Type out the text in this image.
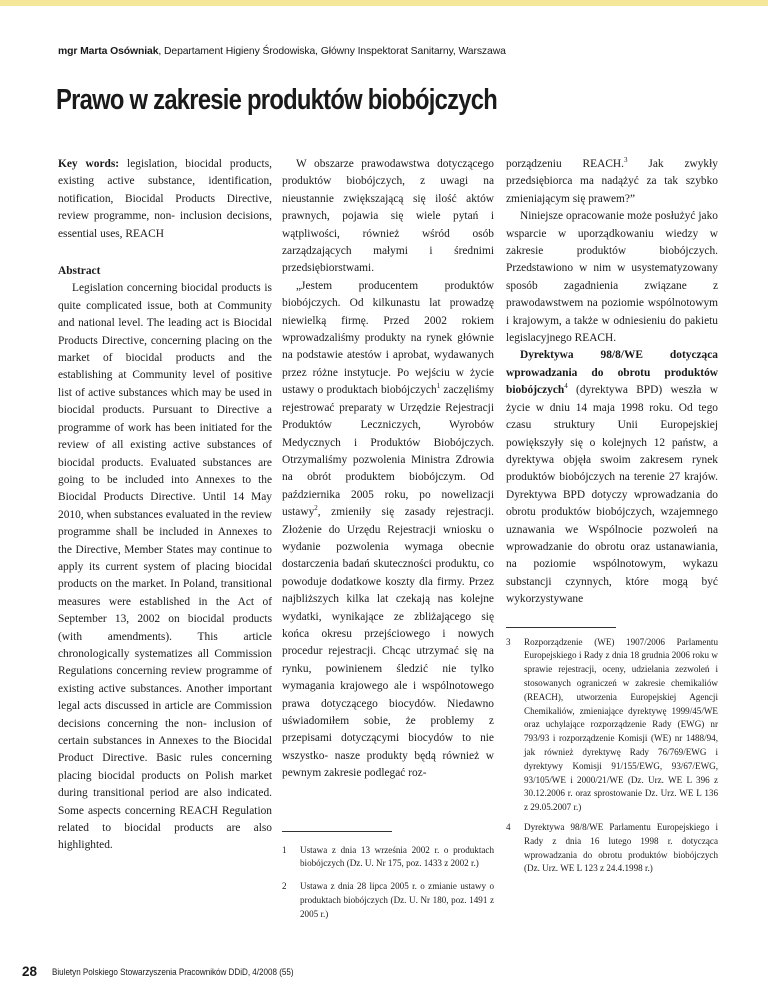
mgr Marta Osówniak, Departament Higieny Środowiska, Główny Inspektorat Sanitarny, Warszawa
Prawo w zakresie produktów biobójczych

Key words: legislation, biocidal products, existing active substance, identification, notification, Biocidal Products Directive, review programme, non- inclusion decisions, essential uses, REACH

Abstract

Legislation concerning biocidal products is quite complicated issue, both at Community and national level. The leading act is Biocidal Products Directive, concerning placing on the market of biocidal products and the establishing at Community level of positive list of active substances which may be used in biocidal products. Pursuant to Directive a programme of work has been initiated for the review of all existing active substances of biocidal products. Evaluated substances are going to be included into Annexes to the Biocidal Products Directive. Until 14 May 2010, when substances evaluated in the review programme shall be included in Annexes to the Directive, Member States may continue to apply its current system of placing biocidal products on the market. In Poland, transitional measures were established in the Act of September 13, 2002 on biocidal products (with amendments). This article chronologically systematizes all Commission Regulations concerning review programme of existing active substances. Another important legal acts discussed in article are Commission decisions concerning the non- inclusion of certain substances in Annexes to the Biocidal Product Directive. Basic rules concerning placing biocidal products on Polish market during transitional period are also indicated. Some aspects concerning REACH Regulation related to biocidal products are also highlighted.

W obszarze prawodawstwa dotyczącego produktów biobójczych, z uwagi na nieustannie zwiększającą się ilość aktów prawnych, pojawia się wiele pytań i wątpliwości, również wśród osób zarządzających małymi i średnimi przedsiębiorstwami.

„Jestem producentem produktów biobójczych. Od kilkunastu lat prowadzę niewielką firmę. Przed 2002 rokiem wprowadzaliśmy produkty na rynek głównie na podstawie atestów i aprobat, wydawanych przez różne instytucje. Po wejściu w życie ustawy o produktach biobójczych$^1$ zaczęliśmy rejestrować preparaty w Urzędzie Rejestracji Produktów Leczniczych, Wyrobów Medycznych i Produktów Biobójczych. Otrzymaliśmy pozwolenia Ministra Zdrowia na obrót produktem biobójczym. Od października 2005 roku, po nowelizacji ustawy$^2$, zmieniły się zasady rejestracji. Złożenie do Urzędu Rejestracji wniosku o wydanie pozwolenia wymaga obecnie dostarczenia badań skuteczności produktu, co powoduje dodatkowe koszty dla firmy. Przez najbliższych kilka lat czekają nas kolejne wydatki, wynikające ze zbliżającego się końca okresu przejściowego i nowych procedur rejestracji. Chcąc utrzymać się na rynku, powinienem śledzić nie tylko wymagania krajowego ale i wspólnotowego prawa dotyczącego biocydów. Niedawno uświadomiłem sobie, że problemy z przepisami dotyczącymi biocydów to nie wszystko- nasze produkty będą również w pewnym zakresie podlegać roz-

1	Ustawa z dnia 13 września 2002 r. o produktach biobójczych (Dz. U. Nr 175, poz. 1433 z 2002 r.)
2	Ustawa z dnia 28 lipca 2005 r. o zmianie ustawy o produktach biobójczych (Dz. U. Nr 180, poz. 1491 z 2005 r.)

porządzeniu REACH.$^3$ Jak zwykły przedsiębiorca ma nadążyć za tak szybko zmieniającym się prawem?”

Niniejsze opracowanie może posłużyć jako wsparcie w uporządkowaniu wiedzy w zakresie produktów biobójczych. Przedstawiono w nim w usystematyzowany sposób zagadnienia związane z prawodawstwem na poziomie wspólnotowym i krajowym, a także w odniesieniu do pakietu legislacyjnego REACH.

Dyrektywa 98/8/WE dotycząca wprowadzania do obrotu produktów biobójczych$^4$ (dyrektywa BPD) weszła w życie w dniu 14 maja 1998 roku. Od tego czasu struktury Unii Europejskiej powiększyły się o kolejnych 12 państw, a dyrektywa objęła swoim zakresem rynek produktów biobójczych na terenie 27 krajów. Dyrektywa BPD dotyczy wprowadzania do obrotu produktów biobójczych, wzajemnego uznawania we Wspólnocie pozwoleń na wprowadzanie do obrotu oraz ustanawiania, na poziomie wspólnotowym, wykazu substancji czynnych, które mogą być wykorzystywane

3	Rozporządzenie (WE) 1907/2006 Parlamentu Europejskiego i Rady z dnia 18 grudnia 2006 roku w sprawie rejestracji, oceny, udzielania zezwoleń i stosowanych ograniczeń w zakresie chemikaliów (REACH), utworzenia Europejskiej Agencji Chemikaliów, zmieniające dyrektywę 1999/45/WE oraz uchylające rozporządzenie Rady (EWG) nr 793/93 i rozporządzenie Komisji (WE) nr 1488/94, jak również dyrektywę Rady 76/769/EWG i dyrektywy Komisji 91/155/EWG, 93/67/EWG, 93/105/WE i 2000/21/WE (Dz. Urz. WE L 396 z 30.12.2006 r. oraz sprostowanie Dz. Urz. WE L 136 z 29.05.2007 r.)
4	Dyrektywa 98/8/WE Parlamentu Europejskiego i Rady z dnia 16 lutego 1998 r. dotycząca wprowadzania do obrotu produktów biobójczych (Dz. Urz. WE L 123 z 24.4.1998 r.)
28 Biuletyn Polskiego Stowarzyszenia Pracowników DDiD, 4/2008 (55)
